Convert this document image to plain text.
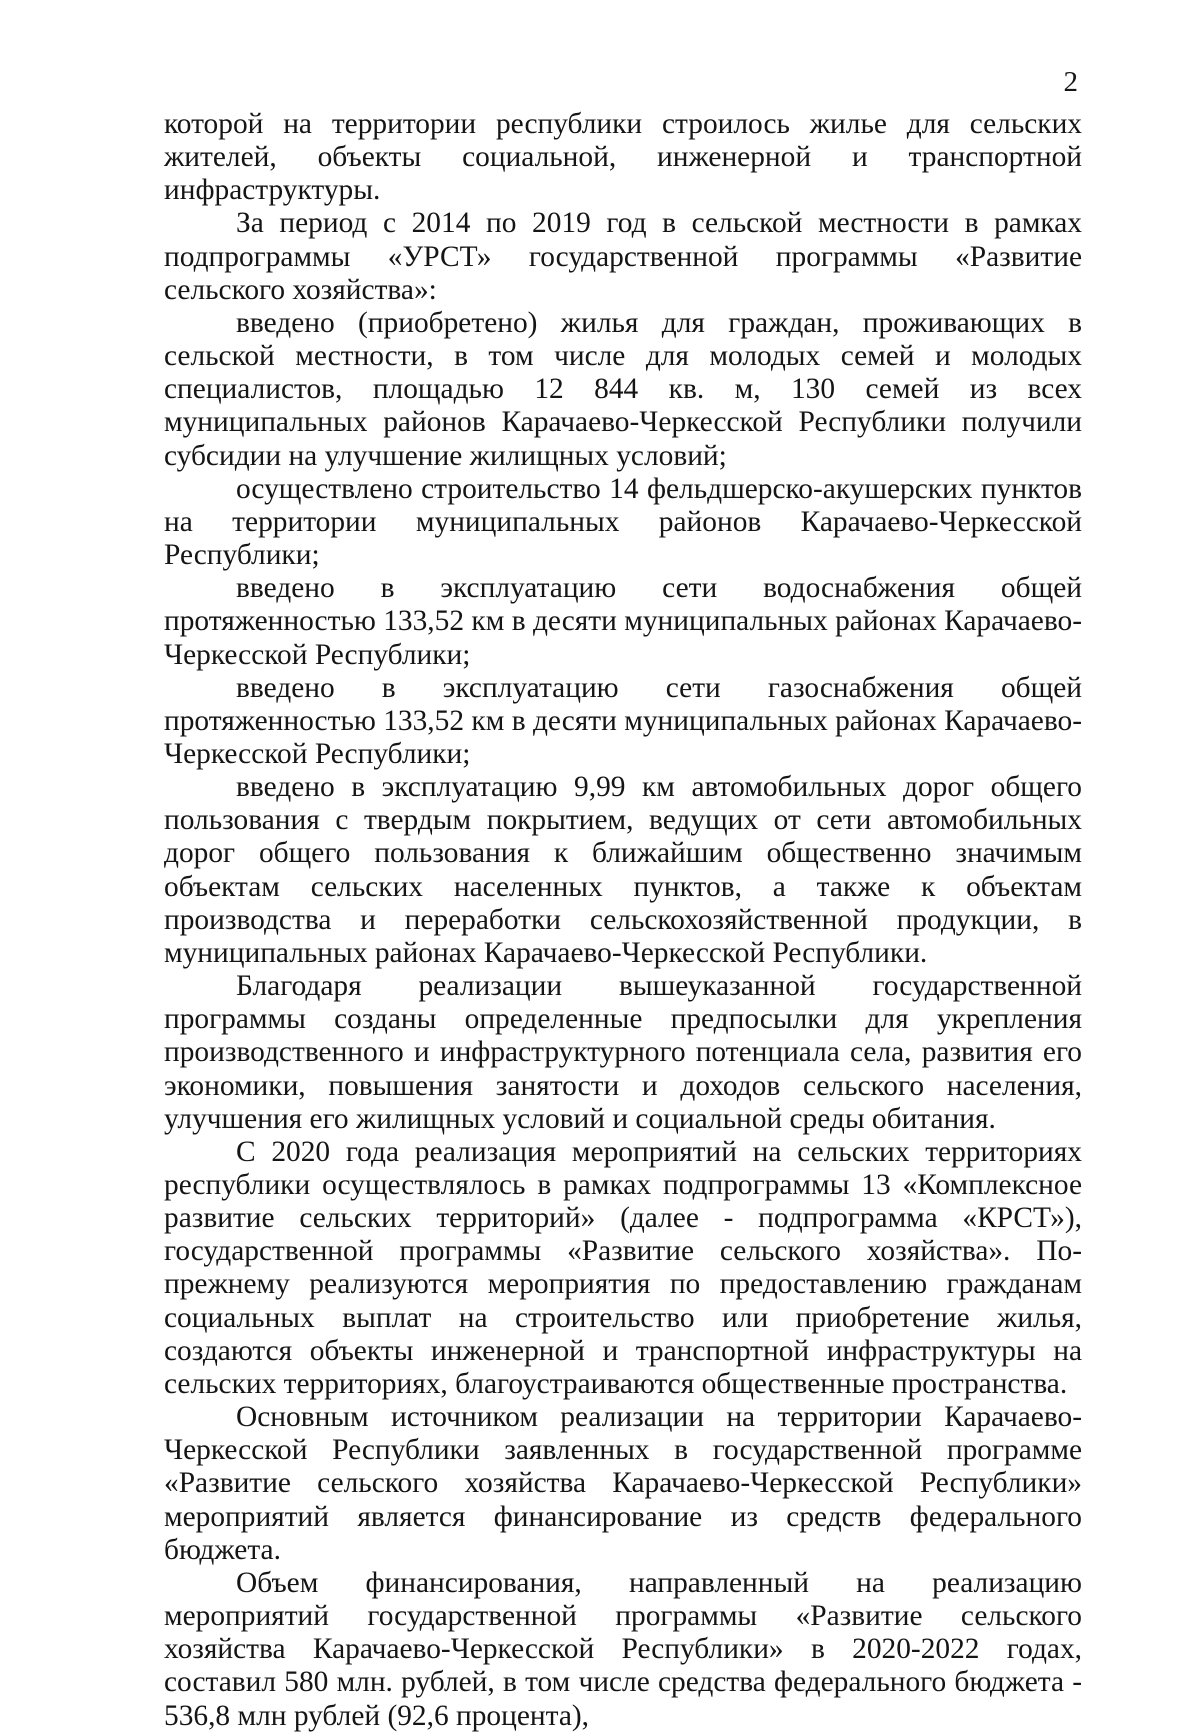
2

которой на территории республики строилось жилье для сельских жителей, объекты социальной, инженерной и транспортной инфраструктуры.

За период с 2014 по 2019 год в сельской местности в рамках подпрограммы «УРСТ» государственной программы «Развитие сельского хозяйства»:

введено (приобретено) жилья для граждан, проживающих в сельской местности, в том числе для молодых семей и молодых специалистов, площадью 12 844 кв. м, 130 семей из всех муниципальных районов Карачаево-Черкесской Республики получили субсидии на улучшение жилищных условий;

осуществлено строительство 14 фельдшерско-акушерских пунктов на территории муниципальных районов Карачаево-Черкесской Республики;

введено в эксплуатацию сети водоснабжения общей протяженностью 133,52 км в десяти муниципальных районах Карачаево-Черкесской Республики;

введено в эксплуатацию сети газоснабжения общей протяженностью 133,52 км в десяти муниципальных районах Карачаево-Черкесской Республики;

введено в эксплуатацию 9,99 км автомобильных дорог общего пользования с твердым покрытием, ведущих от сети автомобильных дорог общего пользования к ближайшим общественно значимым объектам сельских населенных пунктов, а также к объектам производства и переработки сельскохозяйственной продукции, в муниципальных районах Карачаево-Черкесской Республики.

Благодаря реализации вышеуказанной государственной программы созданы определенные предпосылки для укрепления производственного и инфраструктурного потенциала села, развития его экономики, повышения занятости и доходов сельского населения, улучшения его жилищных условий и социальной среды обитания.

С 2020 года реализация мероприятий на сельских территориях республики осуществлялось в рамках подпрограммы 13 «Комплексное развитие сельских территорий» (далее - подпрограмма «КРСТ»), государственной программы «Развитие сельского хозяйства». По-прежнему реализуются мероприятия по предоставлению гражданам социальных выплат на строительство или приобретение жилья, создаются объекты инженерной и транспортной инфраструктуры на сельских территориях, благоустраиваются общественные пространства.

Основным источником реализации на территории Карачаево-Черкесской Республики заявленных в государственной программе «Развитие сельского хозяйства Карачаево-Черкесской Республики» мероприятий является финансирование из средств федерального бюджета.

Объем финансирования, направленный на реализацию мероприятий государственной программы «Развитие сельского хозяйства Карачаево-Черкесской Республики» в 2020-2022 годах, составил 580 млн. рублей, в том числе средства федерального бюджета - 536,8 млн рублей (92,6 процента),
